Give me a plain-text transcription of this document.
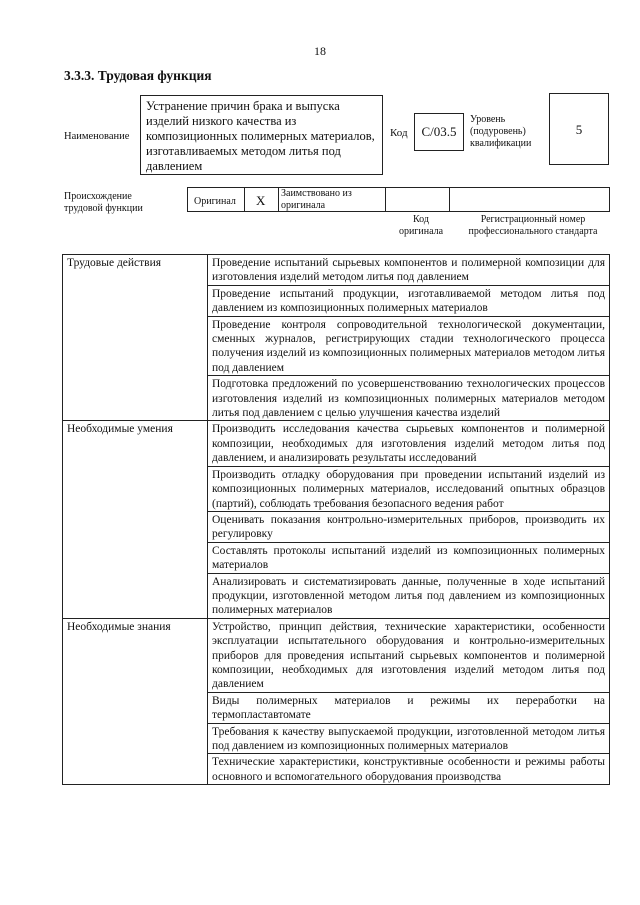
18
3.3.3. Трудовая функция
Наименование
Устранение причин брака и выпуска изделий низкого качества из композиционных полимерных материалов, изготавливаемых методом литья под давлением
Код	C/03.5
Уровень (подуровень) квалификации
5
Происхождение трудовой функции
Оригинал X Заимствовано из оригинала
Код оригинала
Регистрационный номер профессионального стандарта
Трудовые действия	Проведение испытаний сырьевых компонентов и полимерной композиции для изготовления изделий методом литья под давлением
Проведение испытаний продукции, изготавливаемой методом литья под давлением из композиционных полимерных материалов
Проведение контроля сопроводительной технологической документации, сменных журналов, регистрирующих стадии технологического процесса получения изделий из композиционных полимерных материалов методом литья под давлением
Подготовка предложений по усовершенствованию технологических процессов изготовления изделий из композиционных полимерных материалов методом литья под давлением с целью улучшения качества изделий

Необходимые умения	Производить исследования качества сырьевых компонентов и полимерной композиции, необходимых для изготовления изделий методом литья под давлением, и анализировать результаты исследований
Производить отладку оборудования при проведении испытаний изделий из композиционных полимерных материалов, исследований опытных образцов (партий), соблюдать требования безопасного ведения работ
Оценивать показания контрольно-измерительных приборов, производить их регулировку
Составлять протоколы испытаний изделий из композиционных полимерных материалов
Анализировать и систематизировать данные, полученные в ходе испытаний продукции, изготовленной методом литья под давлением из композиционных полимерных материалов

Необходимые знания	Устройство, принцип действия, технические характеристики, особенности эксплуатации испытательного оборудования и контрольно-измерительных приборов для проведения испытаний сырьевых компонентов и полимерной композиции, необходимых для изготовления изделий методом литья под давлением
Виды полимерных материалов и режимы их переработки на термопластавтомате
Требования к качеству выпускаемой продукции, изготовленной методом литья под давлением из композиционных полимерных материалов
Технические характеристики, конструктивные особенности и режимы работы основного и вспомогательного оборудования производства
